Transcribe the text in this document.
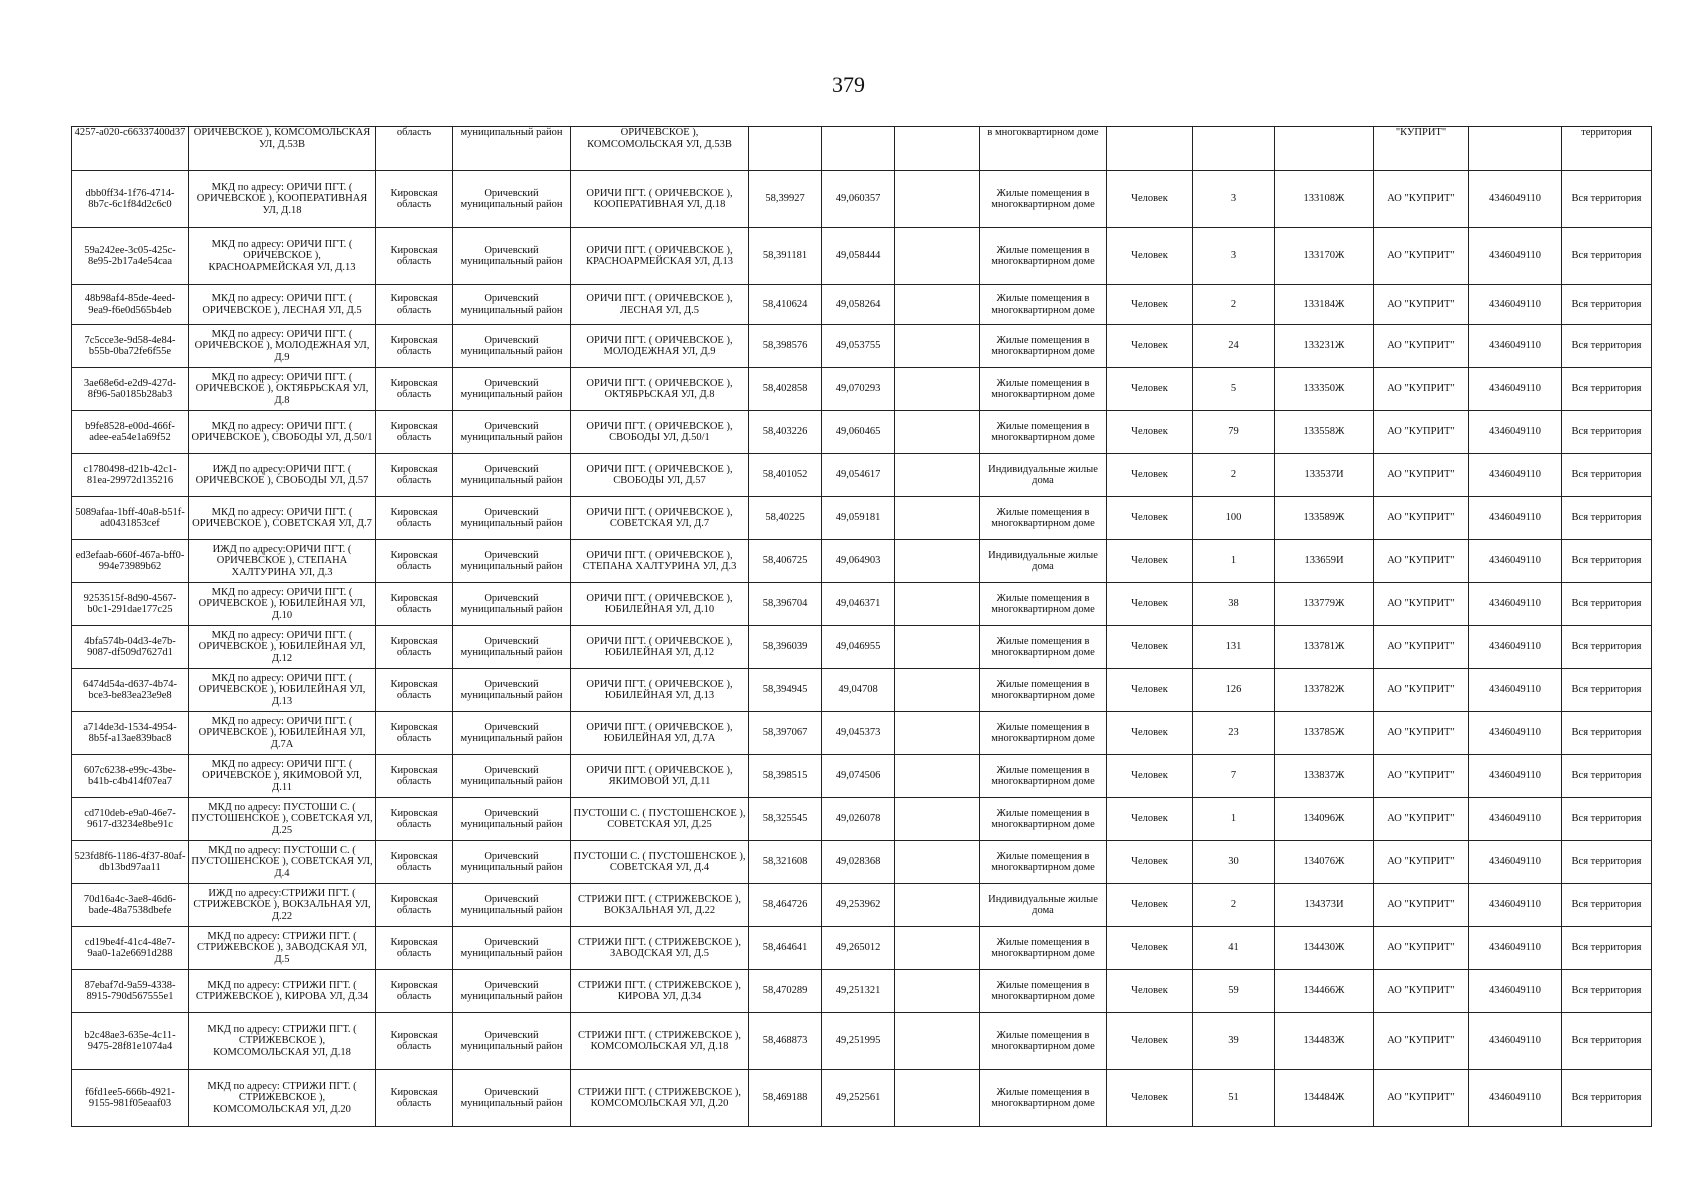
379
4257-a020-c66337400d37	ОРИЧЕВСКОЕ ), КОМСОМОЛЬСКАЯ УЛ, Д.53В	область	муниципальный район	ОРИЧЕВСКОЕ ), КОМСОМОЛЬСКАЯ УЛ, Д.53В				в многоквартирном доме				"КУПРИТ"		территория
dbb0ff34-1f76-4714-8b7c-6c1f84d2c6c0	МКД по адресу: ОРИЧИ ПГТ. ( ОРИЧЕВСКОЕ ), КООПЕРАТИВНАЯ УЛ, Д.18	Кировская область	Оричевский муниципальный район	ОРИЧИ ПГТ. ( ОРИЧЕВСКОЕ ), КООПЕРАТИВНАЯ УЛ, Д.18	58,39927	49,060357		Жилые помещения в многоквартирном доме	Человек	3	133108Ж	АО "КУПРИТ"	4346049110	Вся территория
59a242ee-3c05-425c-8e95-2b17a4e54caa	МКД по адресу: ОРИЧИ ПГТ. ( ОРИЧЕВСКОЕ ), КРАСНОАРМЕЙСКАЯ УЛ, Д.13	Кировская область	Оричевский муниципальный район	ОРИЧИ ПГТ. ( ОРИЧЕВСКОЕ ), КРАСНОАРМЕЙСКАЯ УЛ, Д.13	58,391181	49,058444		Жилые помещения в многоквартирном доме	Человек	3	133170Ж	АО "КУПРИТ"	4346049110	Вся территория
48b98af4-85de-4eed-9ea9-f6e0d565b4eb	МКД по адресу: ОРИЧИ ПГТ. ( ОРИЧЕВСКОЕ ), ЛЕСНАЯ УЛ, Д.5	Кировская область	Оричевский муниципальный район	ОРИЧИ ПГТ. ( ОРИЧЕВСКОЕ ), ЛЕСНАЯ УЛ, Д.5	58,410624	49,058264		Жилые помещения в многоквартирном доме	Человек	2	133184Ж	АО "КУПРИТ"	4346049110	Вся территория
7c5cce3e-9d58-4e84-b55b-0ba72fe6f55e	МКД по адресу: ОРИЧИ ПГТ. ( ОРИЧЕВСКОЕ ), МОЛОДЕЖНАЯ УЛ, Д.9	Кировская область	Оричевский муниципальный район	ОРИЧИ ПГТ. ( ОРИЧЕВСКОЕ ), МОЛОДЕЖНАЯ УЛ, Д.9	58,398576	49,053755		Жилые помещения в многоквартирном доме	Человек	24	133231Ж	АО "КУПРИТ"	4346049110	Вся территория
3ae68e6d-e2d9-427d-8f96-5a0185b28ab3	МКД по адресу: ОРИЧИ ПГТ. ( ОРИЧЕВСКОЕ ), ОКТЯБРЬСКАЯ УЛ, Д.8	Кировская область	Оричевский муниципальный район	ОРИЧИ ПГТ. ( ОРИЧЕВСКОЕ ), ОКТЯБРЬСКАЯ УЛ, Д.8	58,402858	49,070293		Жилые помещения в многоквартирном доме	Человек	5	133350Ж	АО "КУПРИТ"	4346049110	Вся территория
b9fe8528-e00d-466f-adee-ea54e1a69f52	МКД по адресу: ОРИЧИ ПГТ. ( ОРИЧЕВСКОЕ ), СВОБОДЫ УЛ, Д.50/1	Кировская область	Оричевский муниципальный район	ОРИЧИ ПГТ. ( ОРИЧЕВСКОЕ ), СВОБОДЫ УЛ, Д.50/1	58,403226	49,060465		Жилые помещения в многоквартирном доме	Человек	79	133558Ж	АО "КУПРИТ"	4346049110	Вся территория
c1780498-d21b-42c1-81ea-29972d135216	ИЖД по адресу:ОРИЧИ ПГТ. ( ОРИЧЕВСКОЕ ), СВОБОДЫ УЛ, Д.57	Кировская область	Оричевский муниципальный район	ОРИЧИ ПГТ. ( ОРИЧЕВСКОЕ ), СВОБОДЫ УЛ, Д.57	58,401052	49,054617		Индивидуальные жилые дома	Человек	2	133537И	АО "КУПРИТ"	4346049110	Вся территория
5089afaa-1bff-40a8-b51f-ad0431853cef	МКД по адресу: ОРИЧИ ПГТ. ( ОРИЧЕВСКОЕ ), СОВЕТСКАЯ УЛ, Д.7	Кировская область	Оричевский муниципальный район	ОРИЧИ ПГТ. ( ОРИЧЕВСКОЕ ), СОВЕТСКАЯ УЛ, Д.7	58,40225	49,059181		Жилые помещения в многоквартирном доме	Человек	100	133589Ж	АО "КУПРИТ"	4346049110	Вся территория
ed3efaab-660f-467a-bff0-994e73989b62	ИЖД по адресу:ОРИЧИ ПГТ. ( ОРИЧЕВСКОЕ ), СТЕПАНА ХАЛТУРИНА УЛ, Д.3	Кировская область	Оричевский муниципальный район	ОРИЧИ ПГТ. ( ОРИЧЕВСКОЕ ), СТЕПАНА ХАЛТУРИНА УЛ, Д.3	58,406725	49,064903		Индивидуальные жилые дома	Человек	1	133659И	АО "КУПРИТ"	4346049110	Вся территория
9253515f-8d90-4567-b0c1-291dae177c25	МКД по адресу: ОРИЧИ ПГТ. ( ОРИЧЕВСКОЕ ), ЮБИЛЕЙНАЯ УЛ, Д.10	Кировская область	Оричевский муниципальный район	ОРИЧИ ПГТ. ( ОРИЧЕВСКОЕ ), ЮБИЛЕЙНАЯ УЛ, Д.10	58,396704	49,046371		Жилые помещения в многоквартирном доме	Человек	38	133779Ж	АО "КУПРИТ"	4346049110	Вся территория
4bfa574b-04d3-4e7b-9087-df509d7627d1	МКД по адресу: ОРИЧИ ПГТ. ( ОРИЧЕВСКОЕ ), ЮБИЛЕЙНАЯ УЛ, Д.12	Кировская область	Оричевский муниципальный район	ОРИЧИ ПГТ. ( ОРИЧЕВСКОЕ ), ЮБИЛЕЙНАЯ УЛ, Д.12	58,396039	49,046955		Жилые помещения в многоквартирном доме	Человек	131	133781Ж	АО "КУПРИТ"	4346049110	Вся территория
6474d54a-d637-4b74-bce3-be83ea23e9e8	МКД по адресу: ОРИЧИ ПГТ. ( ОРИЧЕВСКОЕ ), ЮБИЛЕЙНАЯ УЛ, Д.13	Кировская область	Оричевский муниципальный район	ОРИЧИ ПГТ. ( ОРИЧЕВСКОЕ ), ЮБИЛЕЙНАЯ УЛ, Д.13	58,394945	49,04708		Жилые помещения в многоквартирном доме	Человек	126	133782Ж	АО "КУПРИТ"	4346049110	Вся территория
a714de3d-1534-4954-8b5f-a13ae839bac8	МКД по адресу: ОРИЧИ ПГТ. ( ОРИЧЕВСКОЕ ), ЮБИЛЕЙНАЯ УЛ, Д.7А	Кировская область	Оричевский муниципальный район	ОРИЧИ ПГТ. ( ОРИЧЕВСКОЕ ), ЮБИЛЕЙНАЯ УЛ, Д.7А	58,397067	49,045373		Жилые помещения в многоквартирном доме	Человек	23	133785Ж	АО "КУПРИТ"	4346049110	Вся территория
607c6238-e99c-43be-b41b-c4b414f07ea7	МКД по адресу: ОРИЧИ ПГТ. ( ОРИЧЕВСКОЕ ), ЯКИМОВОЙ УЛ, Д.11	Кировская область	Оричевский муниципальный район	ОРИЧИ ПГТ. ( ОРИЧЕВСКОЕ ), ЯКИМОВОЙ УЛ, Д.11	58,398515	49,074506		Жилые помещения в многоквартирном доме	Человек	7	133837Ж	АО "КУПРИТ"	4346049110	Вся территория
cd710deb-e9a0-46e7-9617-d3234e8be91c	МКД по адресу: ПУСТОШИ С. ( ПУСТОШЕНСКОЕ ), СОВЕТСКАЯ УЛ, Д.25	Кировская область	Оричевский муниципальный район	ПУСТОШИ С. ( ПУСТОШЕНСКОЕ ), СОВЕТСКАЯ УЛ, Д.25	58,325545	49,026078		Жилые помещения в многоквартирном доме	Человек	1	134096Ж	АО "КУПРИТ"	4346049110	Вся территория
523fd8f6-1186-4f37-80af-db13bd97aa11	МКД по адресу: ПУСТОШИ С. ( ПУСТОШЕНСКОЕ ), СОВЕТСКАЯ УЛ, Д.4	Кировская область	Оричевский муниципальный район	ПУСТОШИ С. ( ПУСТОШЕНСКОЕ ), СОВЕТСКАЯ УЛ, Д.4	58,321608	49,028368		Жилые помещения в многоквартирном доме	Человек	30	134076Ж	АО "КУПРИТ"	4346049110	Вся территория
70d16a4c-3ae8-46d6-bade-48a7538dbefe	ИЖД по адресу:СТРИЖИ ПГТ. ( СТРИЖЕВСКОЕ ), ВОКЗАЛЬНАЯ УЛ, Д.22	Кировская область	Оричевский муниципальный район	СТРИЖИ ПГТ. ( СТРИЖЕВСКОЕ ), ВОКЗАЛЬНАЯ УЛ, Д.22	58,464726	49,253962		Индивидуальные жилые дома	Человек	2	134373И	АО "КУПРИТ"	4346049110	Вся территория
cd19be4f-41c4-48e7-9aa0-1a2e6691d288	МКД по адресу: СТРИЖИ ПГТ. ( СТРИЖЕВСКОЕ ), ЗАВОДСКАЯ УЛ, Д.5	Кировская область	Оричевский муниципальный район	СТРИЖИ ПГТ. ( СТРИЖЕВСКОЕ ), ЗАВОДСКАЯ УЛ, Д.5	58,464641	49,265012		Жилые помещения в многоквартирном доме	Человек	41	134430Ж	АО "КУПРИТ"	4346049110	Вся территория
87ebaf7d-9a59-4338-8915-790d567555e1	МКД по адресу: СТРИЖИ ПГТ. ( СТРИЖЕВСКОЕ ), КИРОВА УЛ, Д.34	Кировская область	Оричевский муниципальный район	СТРИЖИ ПГТ. ( СТРИЖЕВСКОЕ ), КИРОВА УЛ, Д.34	58,470289	49,251321		Жилые помещения в многоквартирном доме	Человек	59	134466Ж	АО "КУПРИТ"	4346049110	Вся территория
b2c48ae3-635e-4c11-9475-28f81e1074a4	МКД по адресу: СТРИЖИ ПГТ. ( СТРИЖЕВСКОЕ ), КОМСОМОЛЬСКАЯ УЛ, Д.18	Кировская область	Оричевский муниципальный район	СТРИЖИ ПГТ. ( СТРИЖЕВСКОЕ ), КОМСОМОЛЬСКАЯ УЛ, Д.18	58,468873	49,251995		Жилые помещения в многоквартирном доме	Человек	39	134483Ж	АО "КУПРИТ"	4346049110	Вся территория
f6fd1ee5-666b-4921-9155-981f05eaaf03	МКД по адресу: СТРИЖИ ПГТ. ( СТРИЖЕВСКОЕ ), КОМСОМОЛЬСКАЯ УЛ, Д.20	Кировская область	Оричевский муниципальный район	СТРИЖИ ПГТ. ( СТРИЖЕВСКОЕ ), КОМСОМОЛЬСКАЯ УЛ, Д.20	58,469188	49,252561		Жилые помещения в многоквартирном доме	Человек	51	134484Ж	АО "КУПРИТ"	4346049110	Вся территория
